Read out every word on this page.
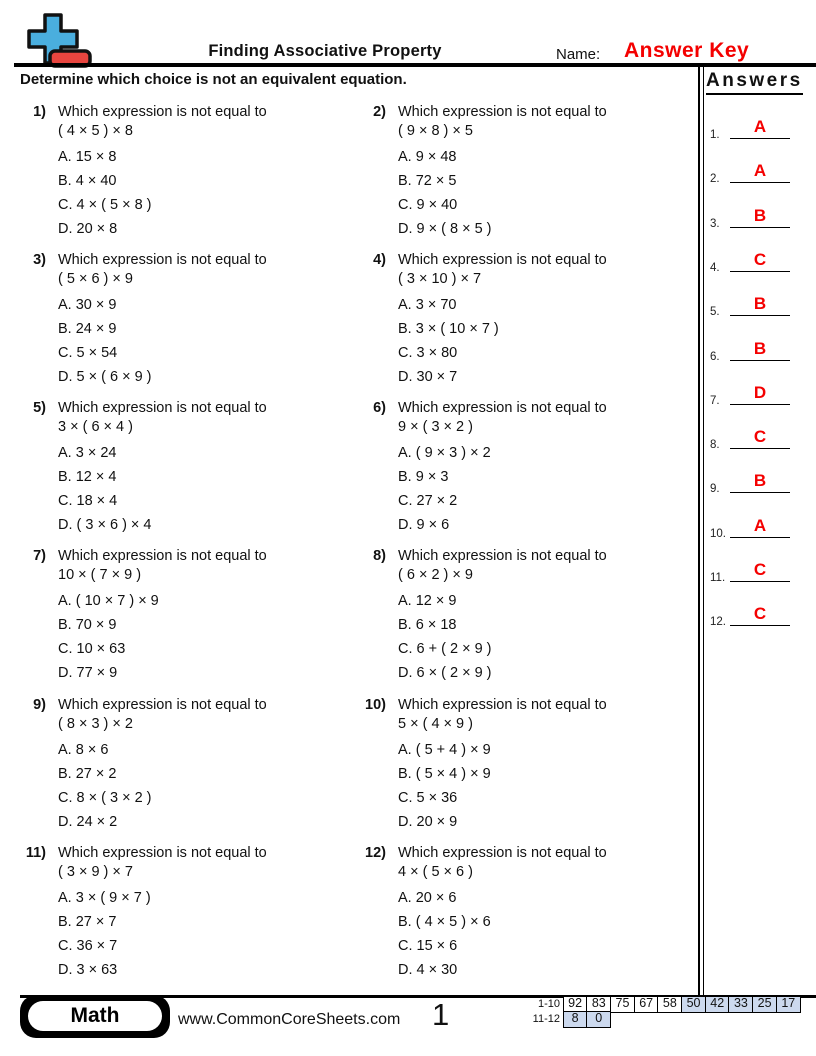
Finding Associative Property	Name: Answer Key
Determine which choice is not an equivalent equation.	Answers
1.	A
2.	A
3.	B
4.	C
5.	B
6.	B
7.	D
8.	C
9.	B
10.	A
11.	C
12.	C
1) Which expression is not equal to
( 4 × 5 ) × 8
A. 15 × 8
B. 4 × 40
C. 4 × ( 5 × 8 )
D. 20 × 8
2) Which expression is not equal to
( 9 × 8 ) × 5
A. 9 × 48
B. 72 × 5
C. 9 × 40
D. 9 × ( 8 × 5 )
3) Which expression is not equal to
( 5 × 6 ) × 9
A. 30 × 9
B. 24 × 9
C. 5 × 54
D. 5 × ( 6 × 9 )
4) Which expression is not equal to
( 3 × 10 ) × 7
A. 3 × 70
B. 3 × ( 10 × 7 )
C. 3 × 80
D. 30 × 7
5) Which expression is not equal to
3 × ( 6 × 4 )
A. 3 × 24
B. 12 × 4
C. 18 × 4
D. ( 3 × 6 ) × 4
6) Which expression is not equal to
9 × ( 3 × 2 )
A. ( 9 × 3 ) × 2
B. 9 × 3
C. 27 × 2
D. 9 × 6
7) Which expression is not equal to
10 × ( 7 × 9 )
A. ( 10 × 7 ) × 9
B. 70 × 9
C. 10 × 63
D. 77 × 9
8) Which expression is not equal to
( 6 × 2 ) × 9
A. 12 × 9
B. 6 × 18
C. 6 + ( 2 × 9 )
D. 6 × ( 2 × 9 )
9) Which expression is not equal to
( 8 × 3 ) × 2
A. 8 × 6
B. 27 × 2
C. 8 × ( 3 × 2 )
D. 24 × 2
10) Which expression is not equal to
5 × ( 4 × 9 )
A. ( 5 + 4 ) × 9
B. ( 5 × 4 ) × 9
C. 5 × 36
D. 20 × 9
11) Which expression is not equal to
( 3 × 9 ) × 7
A. 3 × ( 9 × 7 )
B. 27 × 7
C. 36 × 7
D. 3 × 63
12) Which expression is not equal to
4 × ( 5 × 6 )
A. 20 × 6
B. ( 4 × 5 ) × 6
C. 15 × 6
D. 4 × 30
Math	www.CommonCoreSheets.com 1	1-10 92 83 75 67 58 50 42 33 25 17
11-12 8	0
